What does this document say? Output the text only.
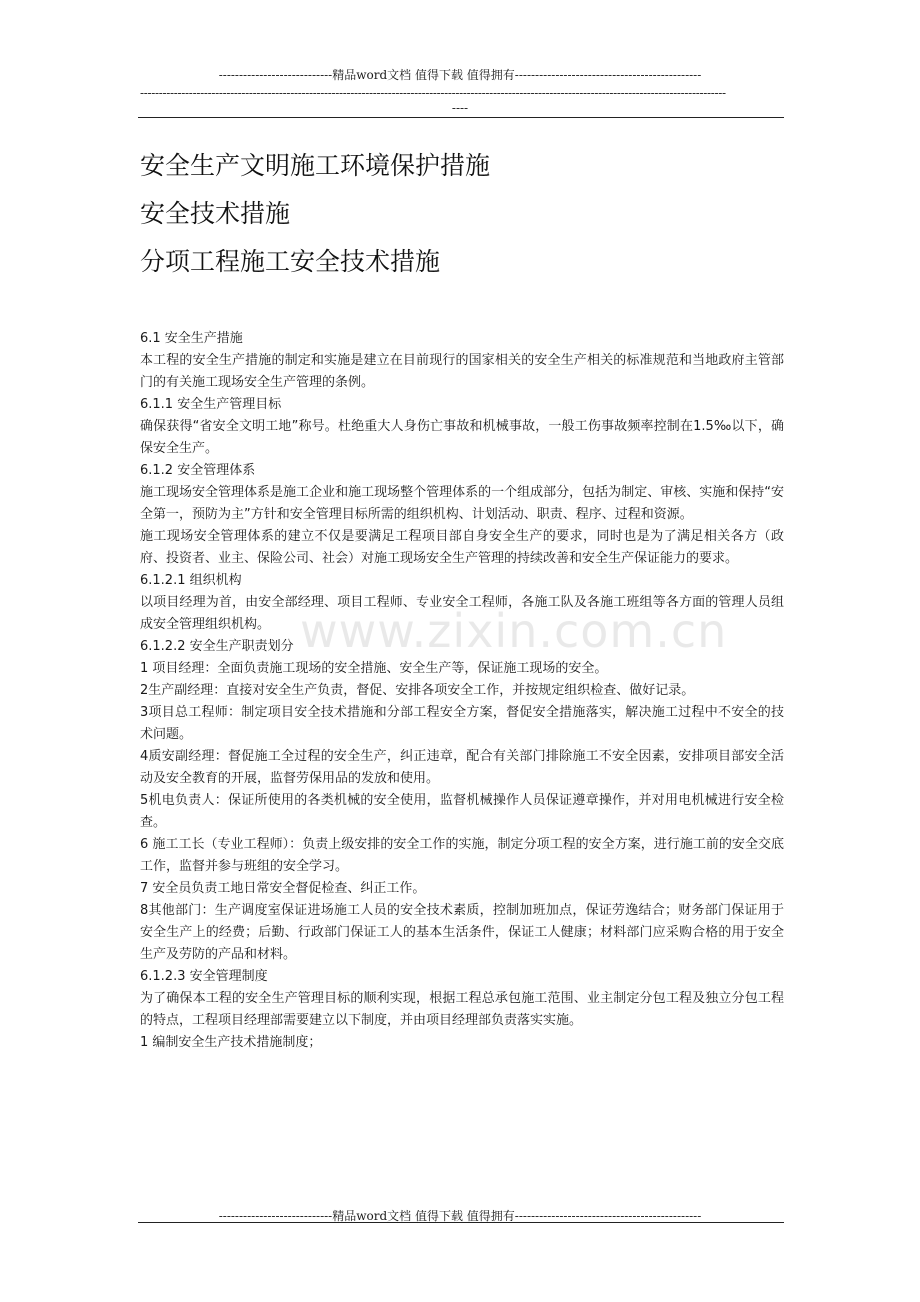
----------------------------精品word文档 值得下载 值得拥有----------------------------------------------
------------------------------------------------------------------------------------------------------------------------------------------------------------
----
安全生产文明施工环境保护措施
安全技术措施
分项工程施工安全技术措施
www.zixin.com.cn

6.1 安全生产措施

本工程的安全生产措施的制定和实施是建立在目前现行的国家相关的安全生产相关的标准规范和当地政府主管部门的有关施工现场安全生产管理的条例。

6.1.1 安全生产管理目标

确保获得“省安全文明工地”称号。杜绝重大人身伤亡事故和机械事故，一般工伤事故频率控制在1.5‰以下，确保安全生产。

6.1.2 安全管理体系

施工现场安全管理体系是施工企业和施工现场整个管理体系的一个组成部分，包括为制定、审核、实施和保持“安全第一，预防为主”方针和安全管理目标所需的组织机构、计划活动、职责、程序、过程和资源。

施工现场安全管理体系的建立不仅是要满足工程项目部自身安全生产的要求，同时也是为了满足相关各方（政府、投资者、业主、保险公司、社会）对施工现场安全生产管理的持续改善和安全生产保证能力的要求。

6.1.2.1 组织机构

以项目经理为首，由安全部经理、项目工程师、专业安全工程师，各施工队及各施工班组等各方面的管理人员组成安全管理组织机构。

6.1.2.2 安全生产职责划分

1 项目经理：全面负责施工现场的安全措施、安全生产等，保证施工现场的安全。

2生产副经理：直接对安全生产负责，督促、安排各项安全工作，并按规定组织检查、做好记录。

3项目总工程师：制定项目安全技术措施和分部工程安全方案，督促安全措施落实，解决施工过程中不安全的技术问题。

4质安副经理：督促施工全过程的安全生产，纠正违章，配合有关部门排除施工不安全因素，安排项目部安全活动及安全教育的开展，监督劳保用品的发放和使用。

5机电负责人：保证所使用的各类机械的安全使用，监督机械操作人员保证遵章操作，并对用电机械进行安全检查。

6 施工工长（专业工程师）：负责上级安排的安全工作的实施，制定分项工程的安全方案，进行施工前的安全交底工作，监督并参与班组的安全学习。

7 安全员负责工地日常安全督促检查、纠正工作。

8其他部门：生产调度室保证进场施工人员的安全技术素质，控制加班加点，保证劳逸结合；财务部门保证用于安全生产上的经费；后勤、行政部门保证工人的基本生活条件，保证工人健康；材料部门应采购合格的用于安全生产及劳防的产品和材料。

6.1.2.3 安全管理制度

为了确保本工程的安全生产管理目标的顺利实现，根据工程总承包施工范围、业主制定分包工程及独立分包工程的特点，工程项目经理部需要建立以下制度，并由项目经理部负责落实实施。

1 编制安全生产技术措施制度；

----------------------------精品word文档 值得下载 值得拥有----------------------------------------------
